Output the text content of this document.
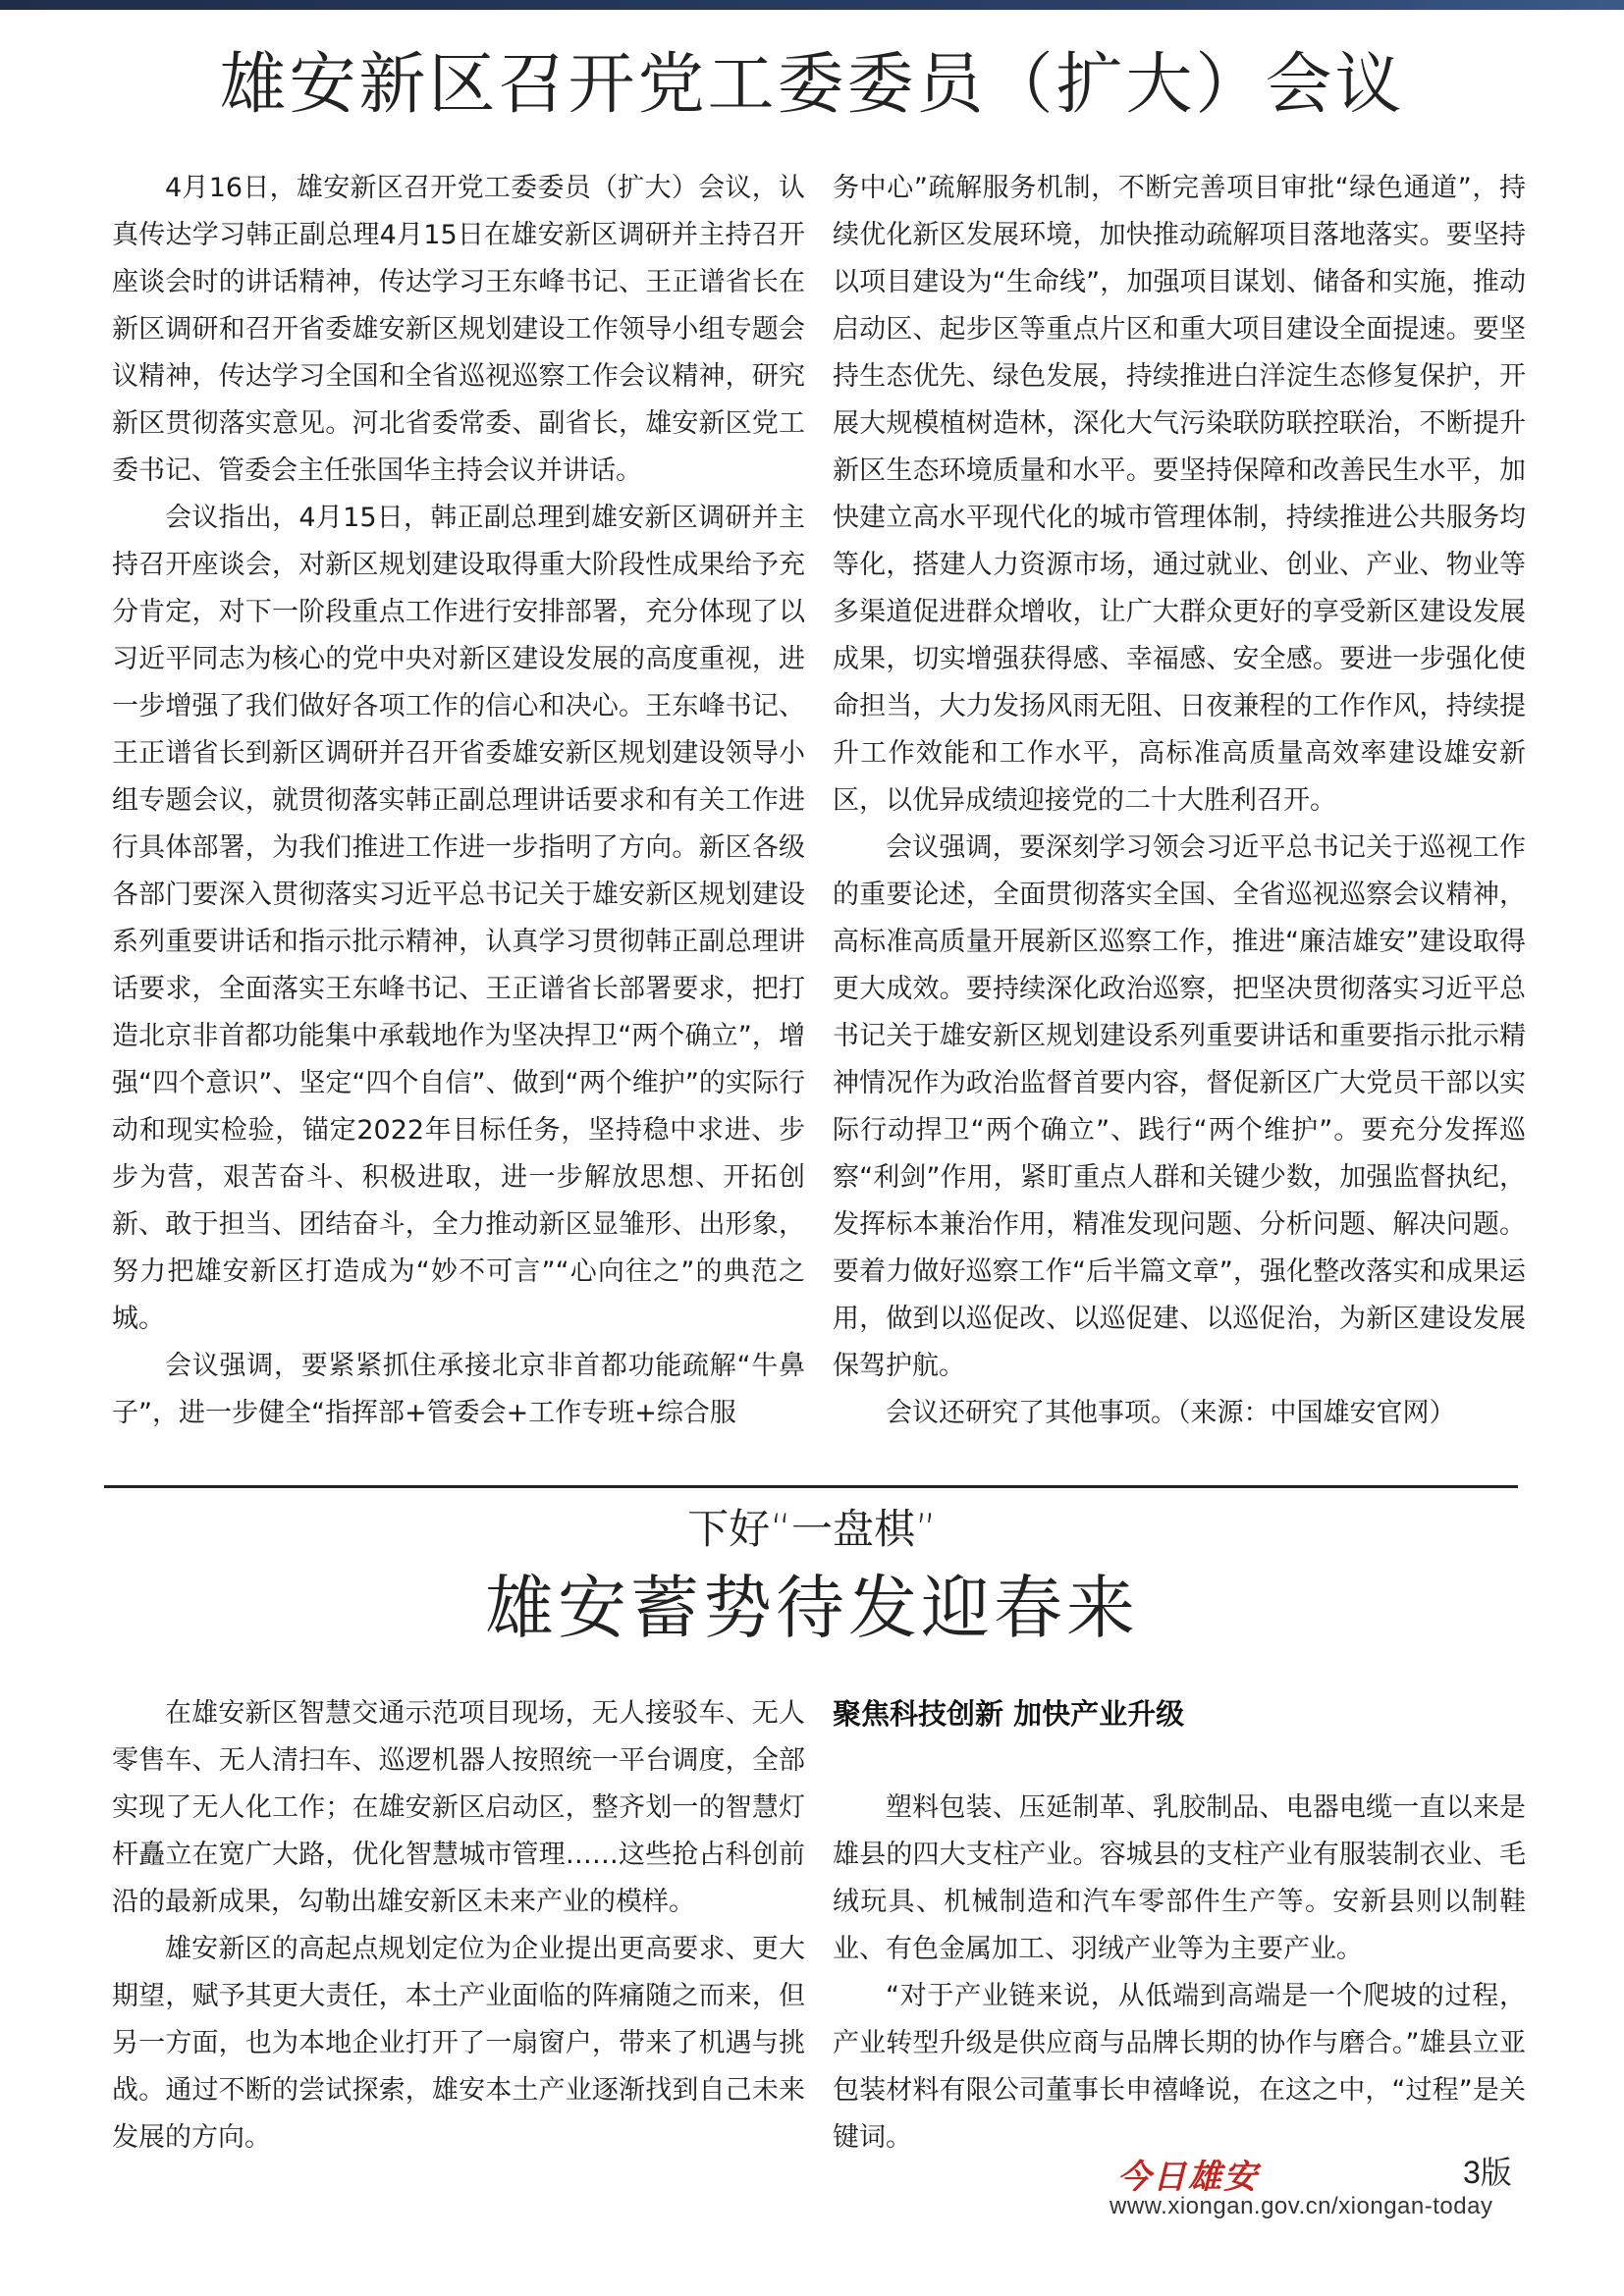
雄安新区召开党工委委员（扩大）会议

4月16日，雄安新区召开党工委委员（扩大）会议，认真传达学习韩正副总理4月15日在雄安新区调研并主持召开座谈会时的讲话精神，传达学习王东峰书记、王正谱省长在新区调研和召开省委雄安新区规划建设工作领导小组专题会议精神，传达学习全国和全省巡视巡察工作会议精神，研究新区贯彻落实意见。河北省委常委、副省长，雄安新区党工委书记、管委会主任张国华主持会议并讲话。

会议指出，4月15日，韩正副总理到雄安新区调研并主持召开座谈会，对新区规划建设取得重大阶段性成果给予充分肯定，对下一阶段重点工作进行安排部署，充分体现了以习近平同志为核心的党中央对新区建设发展的高度重视，进一步增强了我们做好各项工作的信心和决心。王东峰书记、王正谱省长到新区调研并召开省委雄安新区规划建设领导小组专题会议，就贯彻落实韩正副总理讲话要求和有关工作进行具体部署，为我们推进工作进一步指明了方向。新区各级各部门要深入贯彻落实习近平总书记关于雄安新区规划建设系列重要讲话和指示批示精神，认真学习贯彻韩正副总理讲话要求，全面落实王东峰书记、王正谱省长部署要求，把打造北京非首都功能集中承载地作为坚决捍卫“两个确立”，增强“四个意识”、坚定“四个自信”、做到“两个维护”的实际行动和现实检验，锚定2022年目标任务，坚持稳中求进、步步为营，艰苦奋斗、积极进取，进一步解放思想、开拓创新、敢于担当、团结奋斗，全力推动新区显雏形、出形象，努力把雄安新区打造成为“妙不可言”“心向往之”的典范之城。

会议强调，要紧紧抓住承接北京非首都功能疏解“牛鼻子”，进一步健全“指挥部+管委会+工作专班+综合服

务中心”疏解服务机制，不断完善项目审批“绿色通道”，持续优化新区发展环境，加快推动疏解项目落地落实。要坚持以项目建设为“生命线”，加强项目谋划、储备和实施，推动启动区、起步区等重点片区和重大项目建设全面提速。要坚持生态优先、绿色发展，持续推进白洋淀生态修复保护，开展大规模植树造林，深化大气污染联防联控联治，不断提升新区生态环境质量和水平。要坚持保障和改善民生水平，加快建立高水平现代化的城市管理体制，持续推进公共服务均等化，搭建人力资源市场，通过就业、创业、产业、物业等多渠道促进群众增收，让广大群众更好的享受新区建设发展成果，切实增强获得感、幸福感、安全感。要进一步强化使命担当，大力发扬风雨无阻、日夜兼程的工作作风，持续提升工作效能和工作水平，高标准高质量高效率建设雄安新区，以优异成绩迎接党的二十大胜利召开。

会议强调，要深刻学习领会习近平总书记关于巡视工作的重要论述，全面贯彻落实全国、全省巡视巡察会议精神，高标准高质量开展新区巡察工作，推进“廉洁雄安”建设取得更大成效。要持续深化政治巡察，把坚决贯彻落实习近平总书记关于雄安新区规划建设系列重要讲话和重要指示批示精神情况作为政治监督首要内容，督促新区广大党员干部以实际行动捍卫“两个确立”、践行“两个维护”。要充分发挥巡察“利剑”作用，紧盯重点人群和关键少数，加强监督执纪，发挥标本兼治作用，精准发现问题、分析问题、解决问题。要着力做好巡察工作“后半篇文章”，强化整改落实和成果运用，做到以巡促改、以巡促建、以巡促治，为新区建设发展保驾护航。

会议还研究了其他事项。（来源：中国雄安官网）

下好“一盘棋”
雄安蓄势待发迎春来

在雄安新区智慧交通示范项目现场，无人接驳车、无人零售车、无人清扫车、巡逻机器人按照统一平台调度，全部实现了无人化工作；在雄安新区启动区，整齐划一的智慧灯杆矗立在宽广大路，优化智慧城市管理……这些抢占科创前沿的最新成果，勾勒出雄安新区未来产业的模样。

雄安新区的高起点规划定位为企业提出更高要求、更大期望，赋予其更大责任，本土产业面临的阵痛随之而来，但另一方面，也为本地企业打开了一扇窗户，带来了机遇与挑战。通过不断的尝试探索，雄安本土产业逐渐找到自己未来发展的方向。

聚焦科技创新 加快产业升级

塑料包装、压延制革、乳胶制品、电器电缆一直以来是雄县的四大支柱产业。容城县的支柱产业有服装制衣业、毛绒玩具、机械制造和汽车零部件生产等。安新县则以制鞋业、有色金属加工、羽绒产业等为主要产业。

“对于产业链来说，从低端到高端是一个爬坡的过程，产业转型升级是供应商与品牌长期的协作与磨合。”雄县立亚包装材料有限公司董事长申禧峰说，在这之中，“过程”是关键词。

今日雄安	3版
www.xiongan.gov.cn/xiongan-today
